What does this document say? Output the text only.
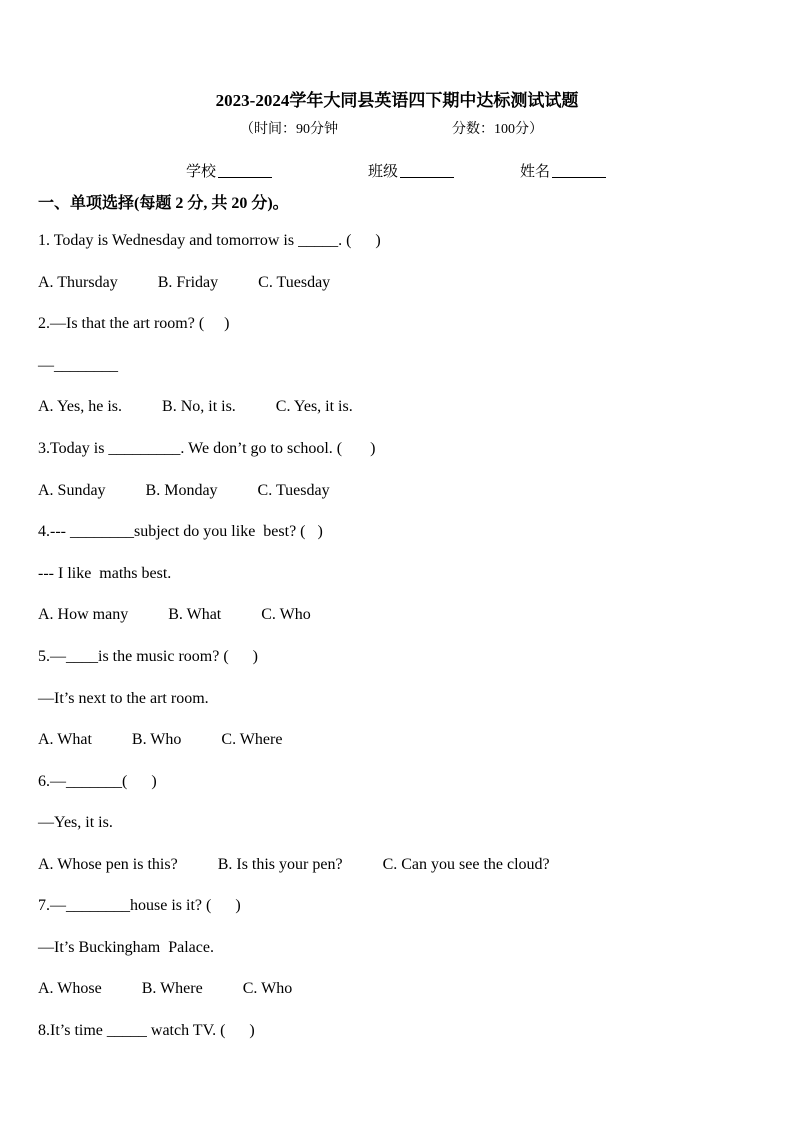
2023-2024学年大同县英语四下期中达标测试试题
（时间：90分钟	分数：100分）
学校	班级	姓名
一、单项选择(每题 2 分, 共 20 分)。
1. Today is Wednesday and tomorrow is _____. (      )
A. Thursday          B. Friday          C. Tuesday
2.—Is that the art room? (     )
—________
A. Yes, he is.          B. No, it is.          C. Yes, it is.
3.Today is _________. We don’t go to school. (       )
A. Sunday          B. Monday          C. Tuesday
4.--- ________subject do you like  best? (   )
--- I like  maths best.
A. How many          B. What          C. Who
5.—____is the music room? (      )
—It’s next to the art room.
A. What          B. Who          C. Where
6.—_______(      )
—Yes, it is.
A. Whose pen is this?          B. Is this your pen?          C. Can you see the cloud?
7.—________house is it? (      )
—It’s Buckingham  Palace.
A. Whose          B. Where          C. Who
8.It’s time _____ watch TV. (      )
